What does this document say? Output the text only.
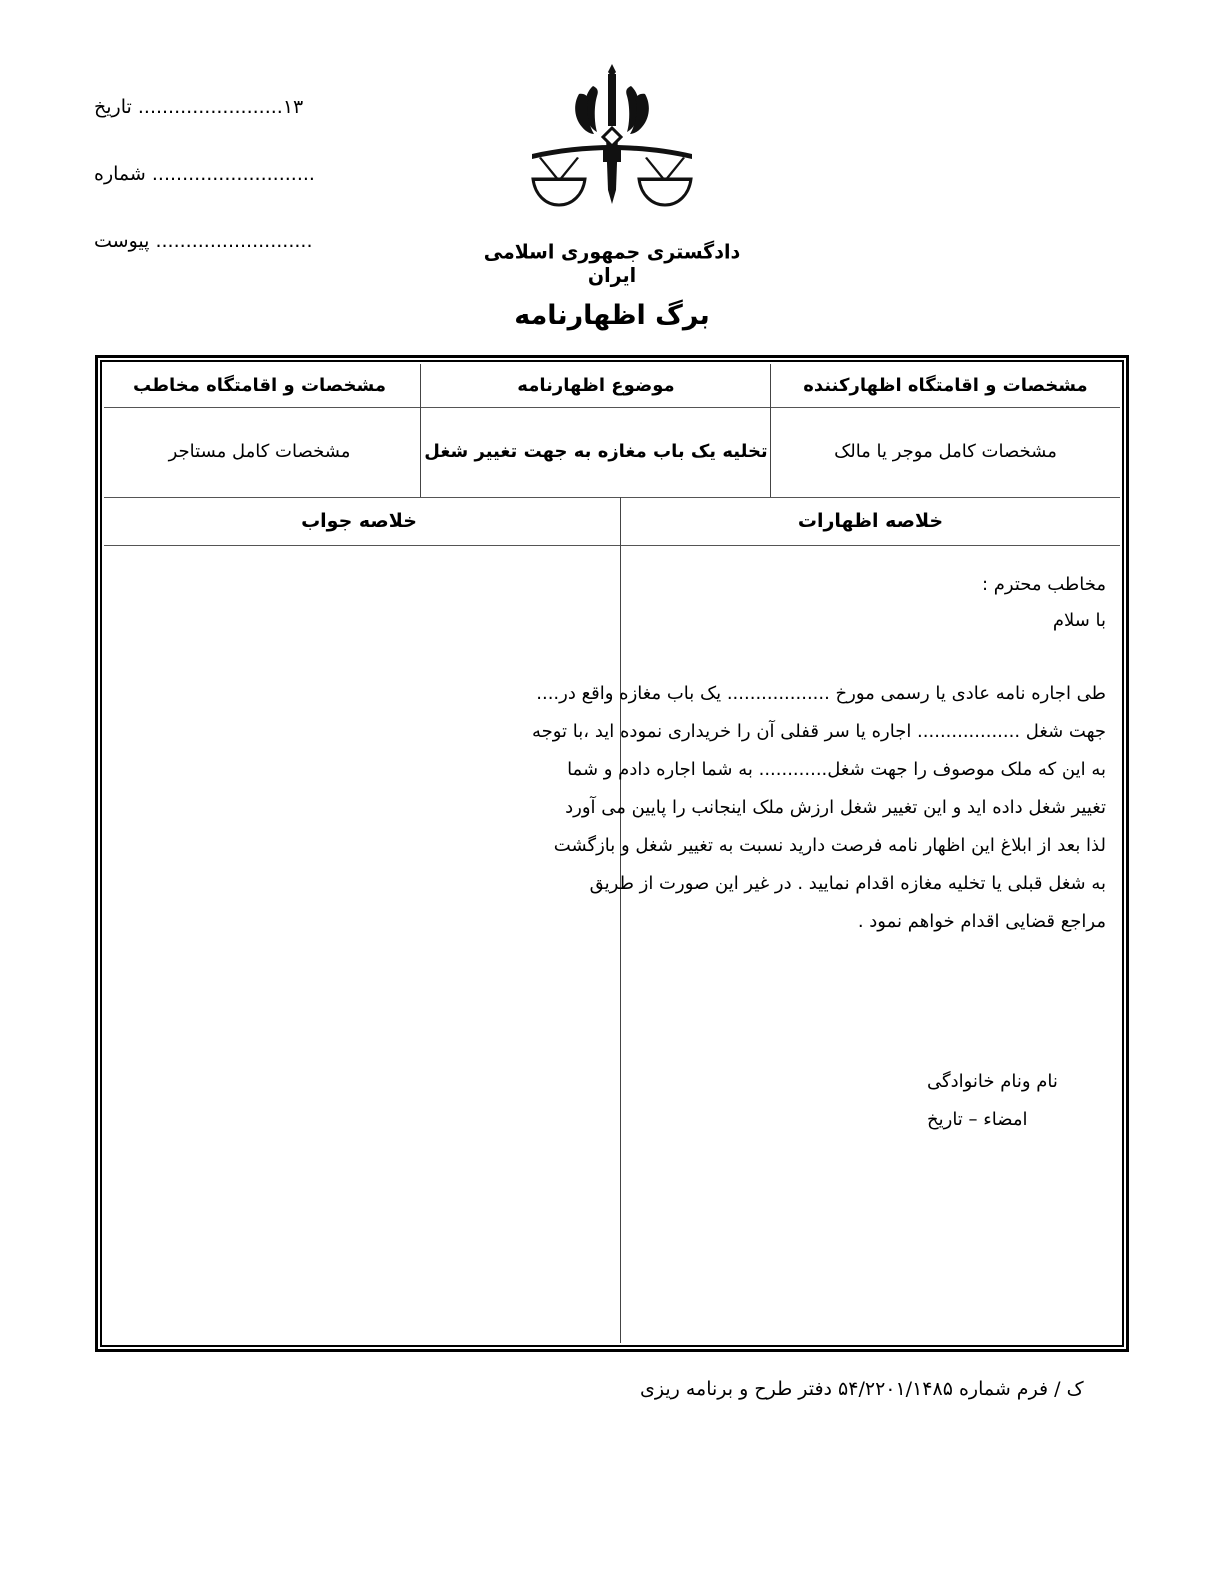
۱۳........................ تاریخ
........................... شماره
.......................... پیوست	دادگستری جمهوری اسلامی ایران
برگ اظهارنامه
مشخصات و اقامتگاه اظهارکننده
موضوع اظهارنامه
مشخصات و اقامتگاه مخاطب
مشخصات کامل موجر یا مالک
تخلیه یک باب مغازه به جهت تغییر شغل
مشخصات کامل مستاجر
خلاصه اظهارات
خلاصه جواب
مخاطب محترم :
با سلام
طی اجاره نامه عادی یا رسمی مورخ .................. یک باب مغازه واقع در....
جهت شغل .................. اجاره یا سر قفلی آن را خریداری نموده اید ،با توجه
به این که ملک موصوف را جهت شغل............ به شما اجاره دادم و شما
تغییر شغل داده اید و این تغییر شغل ارزش ملک اینجانب را پایین می آورد
لذا بعد از ابلاغ این اظهار نامه فرصت دارید نسبت به تغییر شغل و بازگشت
به شغل قبلی یا تخلیه مغازه اقدام نمایید . در غیر این صورت از طریق
مراجع قضایی اقدام خواهم نمود .
نام ونام خانوادگی
امضاء – تاریخ
ک / فرم شماره ۵۴/۲۲۰۱/۱۴۸۵ دفتر طرح و برنامه ریزی
